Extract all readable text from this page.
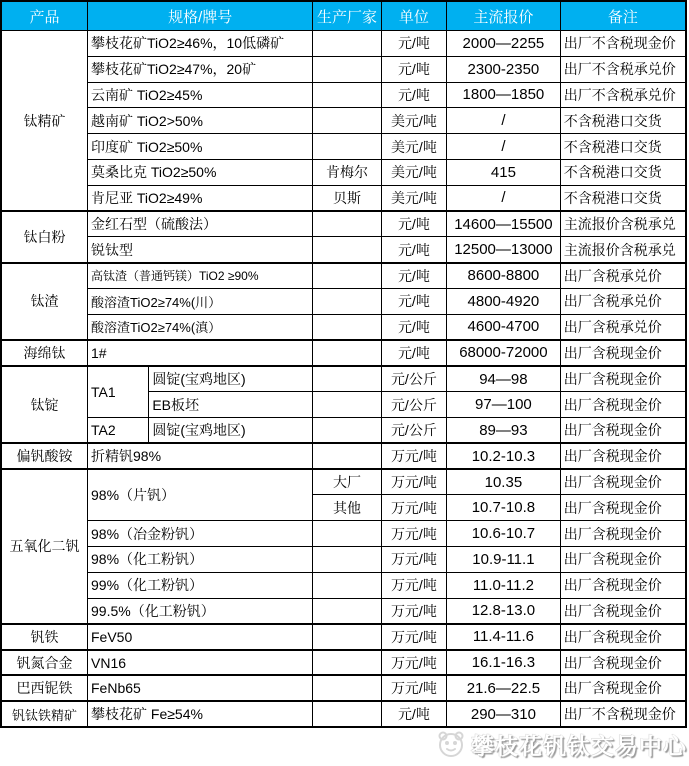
产品	规格/牌号		生产厂家	单位	主流报价	备注
钛精矿	攀枝花矿TiO2≥46%，10低磷矿			元/吨	2000—2255	出厂不含税现金价
	攀枝花矿TiO2≥47%，20矿			元/吨	2300-2350	出厂不含税承兑价
	云南矿 TiO2≥45%			元/吨	1800—1850	出厂不含税承兑价
	越南矿 TiO2>50%			美元/吨	/	不含税港口交货
	印度矿 TiO2≥50%			美元/吨	/	不含税港口交货
	莫桑比克 TiO2≥50%		肯梅尔	美元/吨	415	不含税港口交货
	肯尼亚 TiO2≥49%		贝斯	美元/吨	/	不含税港口交货
钛白粉	金红石型（硫酸法）			元/吨	14600—15500	主流报价含税承兑
	锐钛型			元/吨	12500—13000	主流报价含税承兑
钛渣	高钛渣（普通钙镁）TiO2 ≥90%			元/吨	8600-8800	出厂含税承兑价
	酸溶渣TiO2≥74%(川）			元/吨	4800-4920	出厂含税承兑价
	酸溶渣TiO2≥74%(滇）			元/吨	4600-4700	出厂含税承兑价
海绵钛	1#			元/吨	68000-72000	出厂含税现金价
钛锭	TA1	圆锭(宝鸡地区)		元/公斤	94—98	出厂含税现金价
		EB板坯		元/公斤	97—100	出厂含税现金价
	TA2	圆锭(宝鸡地区)		元/公斤	89—93	出厂含税现金价
偏钒酸铵	折精钒98%			万元/吨	10.2-10.3	出厂含税现金价
五氧化二钒	98%（片钒）		大厂	万元/吨	10.35	出厂含税现金价
			其他	万元/吨	10.7-10.8	出厂含税现金价
	98%（冶金粉钒）			万元/吨	10.6-10.7	出厂含税现金价
	98%（化工粉钒）			万元/吨	10.9-11.1	出厂含税现金价
	99%（化工粉钒）			万元/吨	11.0-11.2	出厂含税现金价
	99.5%（化工粉钒）			万元/吨	12.8-13.0	出厂含税现金价
钒铁	FeV50			万元/吨	11.4-11.6	出厂含税现金价
钒氮合金	VN16			万元/吨	16.1-16.3	出厂含税现金价
巴西铌铁	FeNb65			万元/吨	21.6—22.5	出厂含税现金价
钒钛铁精矿	攀枝花矿 Fe≥54%			元/吨	290—310	出厂不含税现金价
攀枝花钒钛交易中心
